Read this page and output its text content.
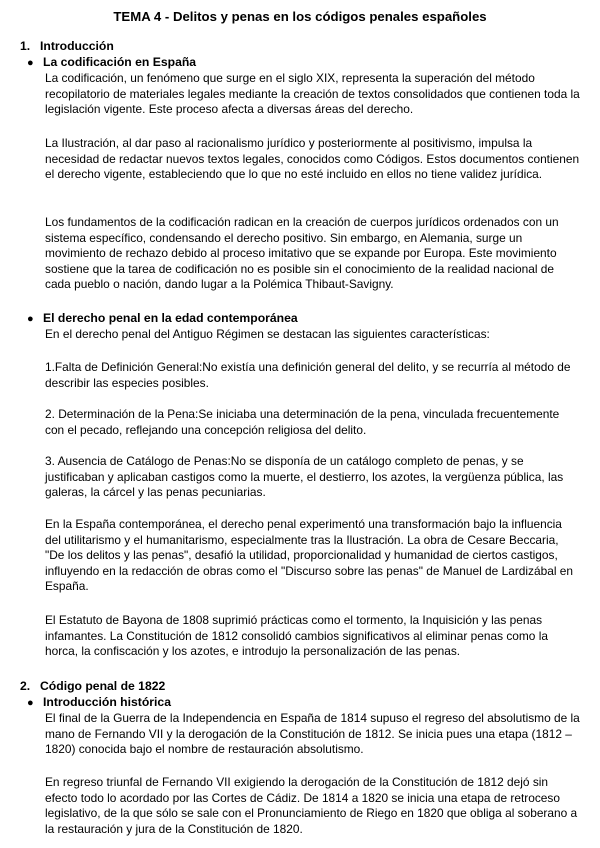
TEMA 4 - Delitos y penas en los códigos penales españoles
1. Introducción
● La codificación en España
La codificación, un fenómeno que surge en el siglo XIX, representa la superación del método recopilatorio de materiales legales mediante la creación de textos consolidados que contienen toda la legislación vigente. Este proceso afecta a diversas áreas del derecho.
La Ilustración, al dar paso al racionalismo jurídico y posteriormente al positivismo, impulsa la necesidad de redactar nuevos textos legales, conocidos como Códigos. Estos documentos contienen el derecho vigente, estableciendo que lo que no esté incluido en ellos no tiene validez jurídica.
Los fundamentos de la codificación radican en la creación de cuerpos jurídicos ordenados con un sistema específico, condensando el derecho positivo. Sin embargo, en Alemania, surge un movimiento de rechazo debido al proceso imitativo que se expande por Europa. Este movimiento sostiene que la tarea de codificación no es posible sin el conocimiento de la realidad nacional de cada pueblo o nación, dando lugar a la Polémica Thibaut-Savigny.
● El derecho penal en la edad contemporánea
En el derecho penal del Antiguo Régimen se destacan las siguientes características:
1.Falta de Definición General:No existía una definición general del delito, y se recurría al método de describir las especies posibles.
2. Determinación de la Pena:Se iniciaba una determinación de la pena, vinculada frecuentemente con el pecado, reflejando una concepción religiosa del delito.
3. Ausencia de Catálogo de Penas:No se disponía de un catálogo completo de penas, y se justificaban y aplicaban castigos como la muerte, el destierro, los azotes, la vergüenza pública, las galeras, la cárcel y las penas pecuniarias.
En la España contemporánea, el derecho penal experimentó una transformación bajo la influencia del utilitarismo y el humanitarismo, especialmente tras la Ilustración. La obra de Cesare Beccaria, "De los delitos y las penas", desafió la utilidad, proporcionalidad y humanidad de ciertos castigos, influyendo en la redacción de obras como el "Discurso sobre las penas" de Manuel de Lardizábal en España.
El Estatuto de Bayona de 1808 suprimió prácticas como el tormento, la Inquisición y las penas infamantes. La Constitución de 1812 consolidó cambios significativos al eliminar penas como la horca, la confiscación y los azotes, e introdujo la personalización de las penas.
2. Código penal de 1822
● Introducción histórica
El final de la Guerra de la Independencia en España de 1814 supuso el regreso del absolutismo de la mano de Fernando VII y la derogación de la Constitución de 1812. Se inicia pues una etapa (1812 – 1820) conocida bajo el nombre de restauración absolutismo.
En regreso triunfal de Fernando VII exigiendo la derogación de la Constitución de 1812 dejó sin efecto todo lo acordado por las Cortes de Cádiz. De 1814 a 1820 se inicia una etapa de retroceso legislativo, de la que sólo se sale con el Pronunciamiento de Riego en 1820 que obliga al soberano a la restauración y jura de la Constitución de 1820.
